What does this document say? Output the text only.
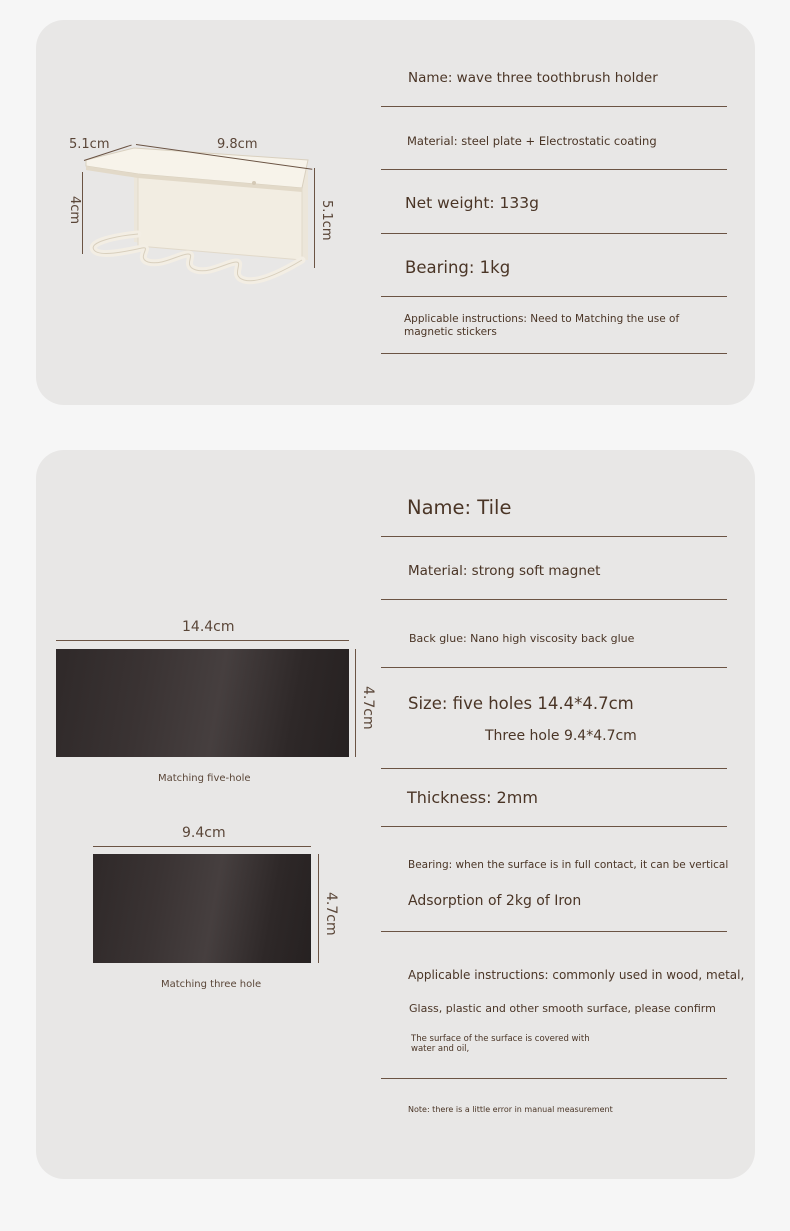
5.1cm	9.8cm
4cm	5.1cm
Name: wave three toothbrush holder
Material: steel plate + Electrostatic coating
Net weight: 133g
Bearing: 1kg
Applicable instructions: Need to Matching the use of magnetic stickers
14.4cm
4.7cm
Matching five-hole
9.4cm
4.7cm
Matching three hole
Name: Tile
Material: strong soft magnet
Back glue: Nano high viscosity back glue
Size: five holes 14.4*4.7cm
Three hole 9.4*4.7cm
Thickness: 2mm
Bearing: when the surface is in full contact, it can be vertical
Adsorption of 2kg of Iron
Applicable instructions: commonly used in wood, metal,
Glass, plastic and other smooth surface, please confirm
The surface of the surface is covered with water and oil,
Note: there is a little error in manual measurement
